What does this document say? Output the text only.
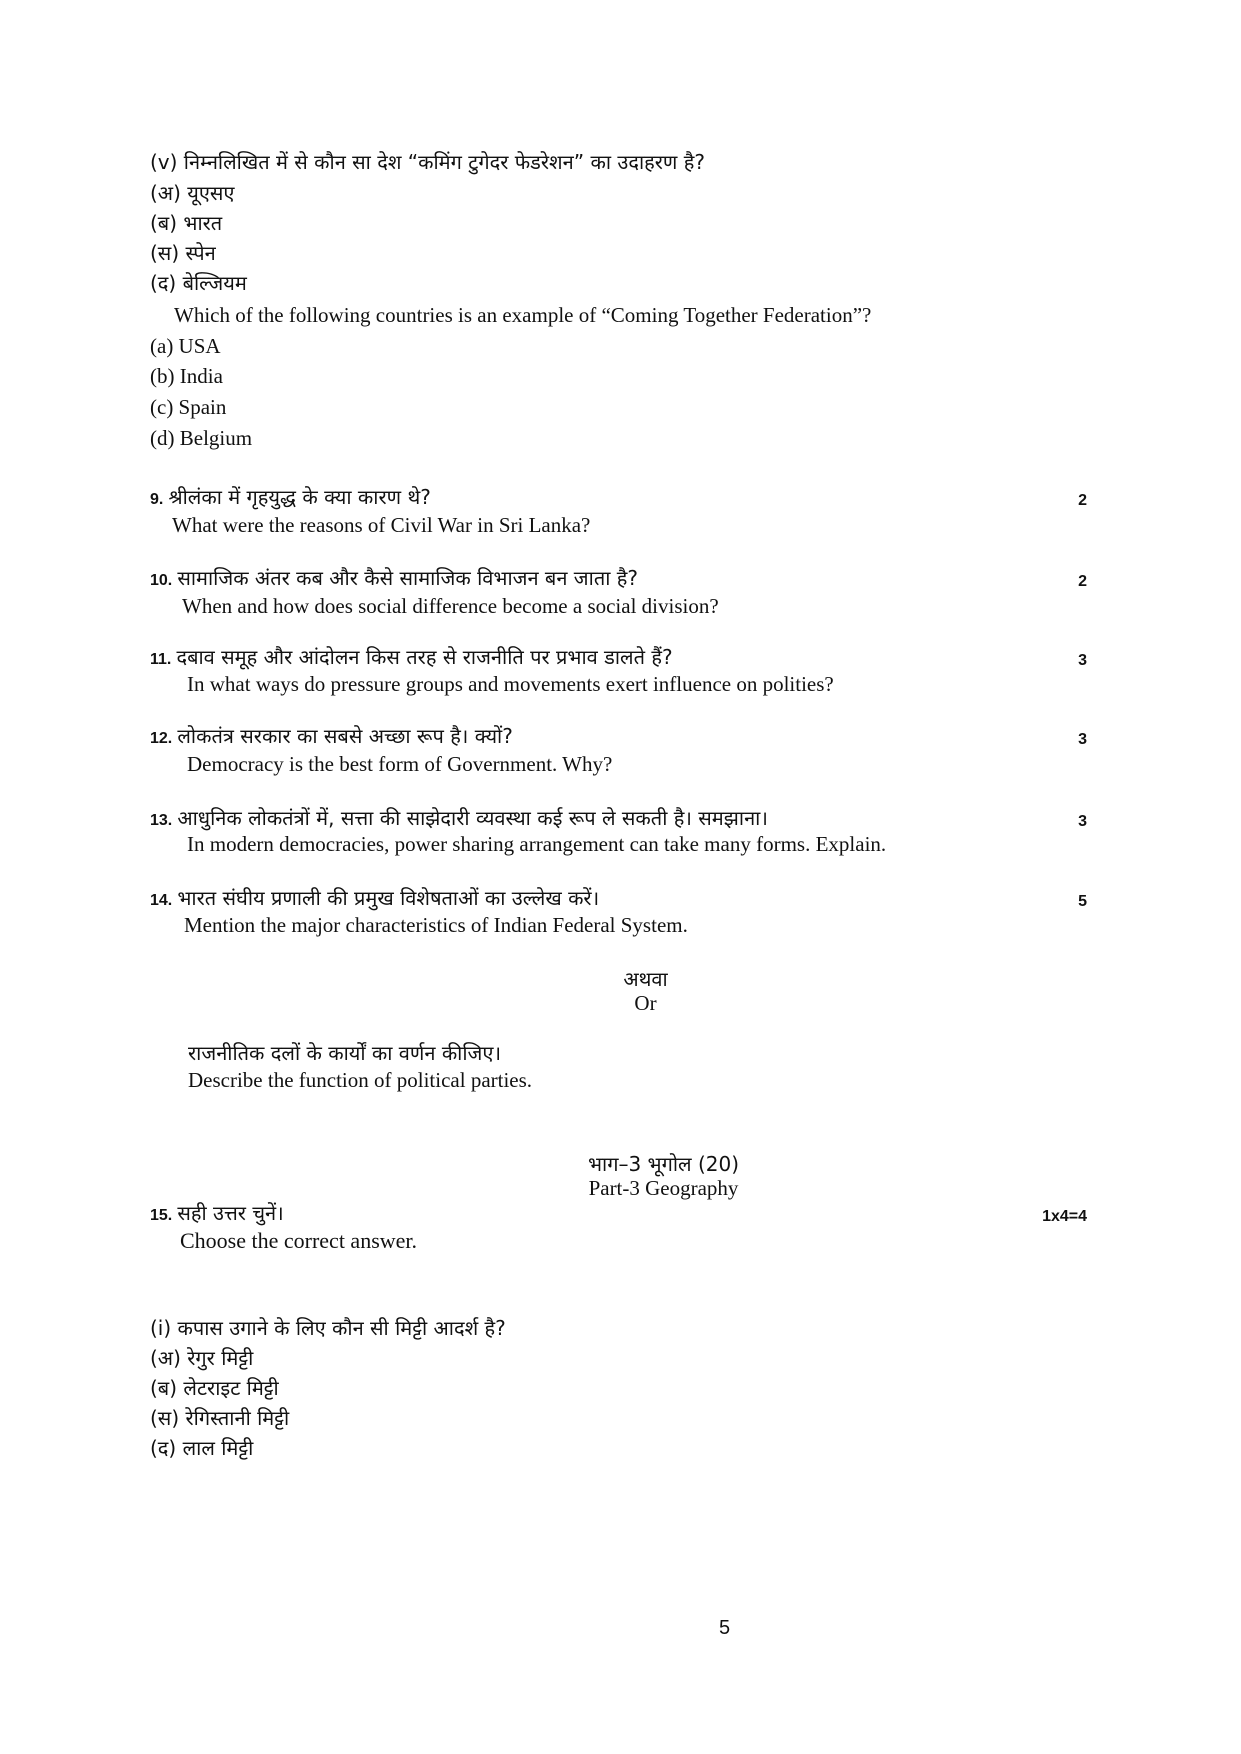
(v) निम्नलिखित में से कौन सा देश “कमिंग टुगेदर फेडरेशन” का उदाहरण है?
(अ) यूएसए
(ब) भारत
(स) स्पेन
(द) बेल्जियम
Which of the following countries is an example of “Coming Together Federation”?
(a) USA
(b) India
(c) Spain
(d) Belgium
9. श्रीलंका में गृहयुद्ध के क्या कारण थे?	2
What were the reasons of Civil War in Sri Lanka?
10. सामाजिक अंतर कब और कैसे सामाजिक विभाजन बन जाता है?	2
When and how does social difference become a social division?
11. दबाव समूह और आंदोलन किस तरह से राजनीति पर प्रभाव डालते हैं?	3
In what ways do pressure groups and movements exert influence on polities?
12. लोकतंत्र सरकार का सबसे अच्छा रूप है। क्यों?	3
Democracy is the best form of Government. Why?
13. आधुनिक लोकतंत्रों में, सत्ता की साझेदारी व्यवस्था कई रूप ले सकती है। समझाना।	3
In modern democracies, power sharing arrangement can take many forms. Explain.
14. भारत संघीय प्रणाली की प्रमुख विशेषताओं का उल्लेख करें।	5
Mention the major characteristics of Indian Federal System.
अथवा
Or
राजनीतिक दलों के कार्यों का वर्णन कीजिए।
Describe the function of political parties.
भाग–3 भूगोल (20)
Part-3 Geography
15. सही उत्तर चुनें।	1x4=4
Choose the correct answer.
(i) कपास उगाने के लिए कौन सी मिट्टी आदर्श है?
(अ) रेगुर मिट्टी
(ब) लेटराइट मिट्टी
(स) रेगिस्तानी मिट्टी
(द) लाल मिट्टी
5
